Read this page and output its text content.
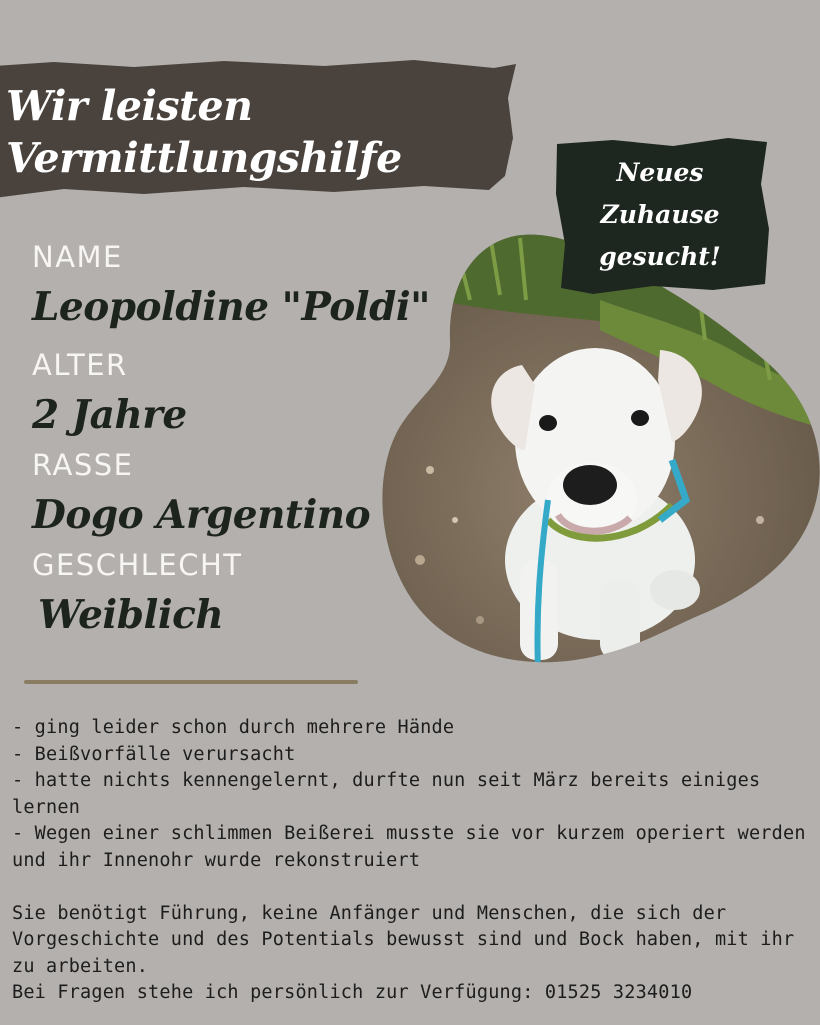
Wir leisten
Vermittlungshilfe	Neues
Zuhause
gesucht!

NAME

Leopoldine "Poldi"

ALTER

2 Jahre

RASSE

Dogo Argentino

GESCHLECHT

Weiblich

- ging leider schon durch mehrere Hände

- Beißvorfälle verursacht

- hatte nichts kennengelernt, durfte nun seit März bereits einiges lernen

- Wegen einer schlimmen Beißerei musste sie vor kurzem operiert werden und ihr Innenohr wurde rekonstruiert

Sie benötigt Führung, keine Anfänger und Menschen, die sich der Vorgeschichte und des Potentials bewusst sind und Bock haben, mit ihr zu arbeiten.

Bei Fragen stehe ich persönlich zur Verfügung: 01525 3234010
